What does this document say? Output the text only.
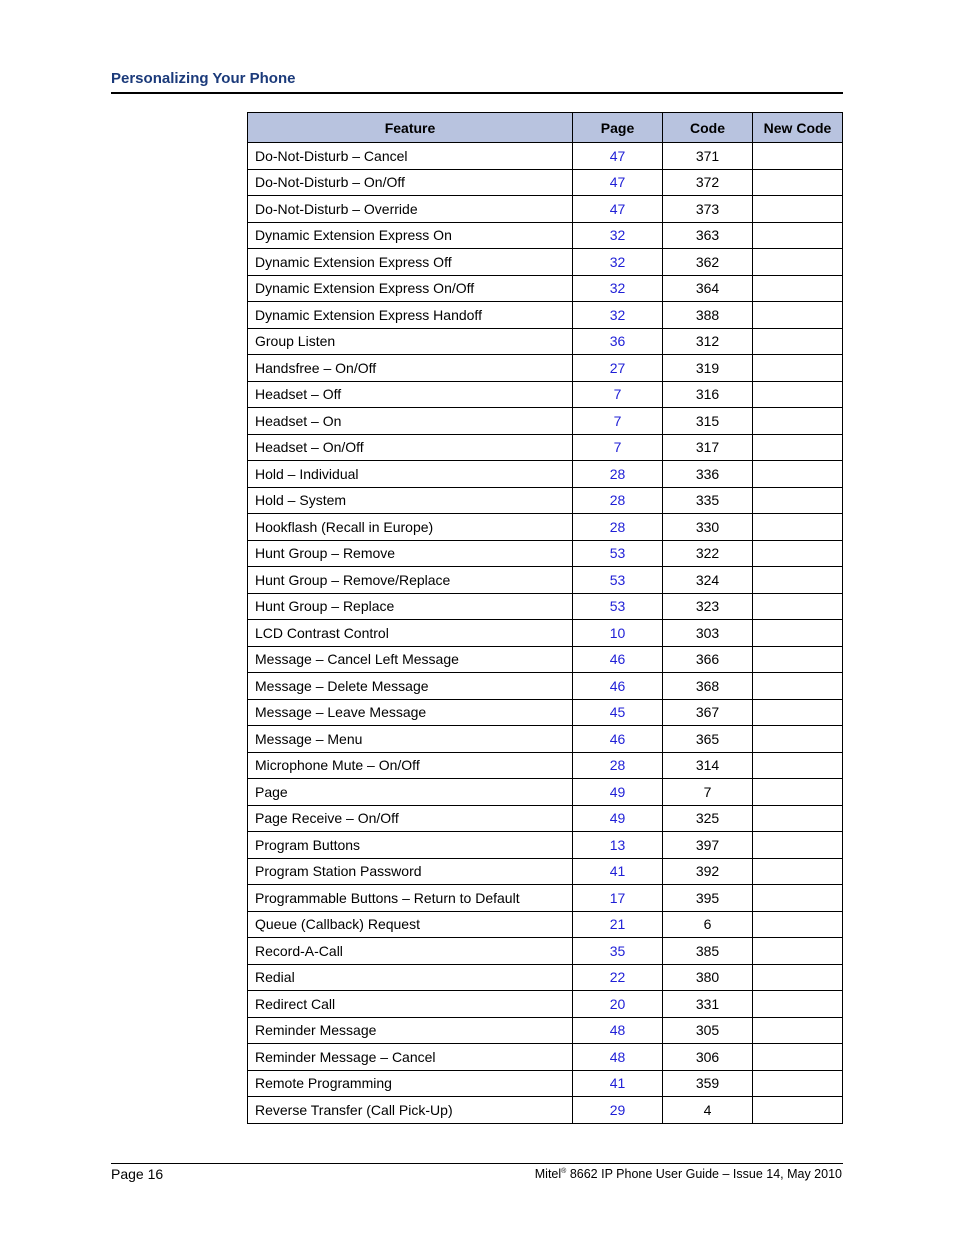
Personalizing Your Phone
Feature	Page	Code	New Code
Do-Not-Disturb – Cancel	47	371	
Do-Not-Disturb – On/Off	47	372	
Do-Not-Disturb – Override	47	373	
Dynamic Extension Express On	32	363	
Dynamic Extension Express Off	32	362	
Dynamic Extension Express On/Off	32	364	
Dynamic Extension Express Handoff	32	388	
Group Listen	36	312	
Handsfree – On/Off	27	319	
Headset – Off	7	316	
Headset – On	7	315	
Headset – On/Off	7	317	
Hold – Individual	28	336	
Hold – System	28	335	
Hookflash (Recall in Europe)	28	330	
Hunt Group – Remove	53	322	
Hunt Group – Remove/Replace	53	324	
Hunt Group – Replace	53	323	
LCD Contrast Control	10	303	
Message – Cancel Left Message	46	366	
Message – Delete Message	46	368	
Message – Leave Message	45	367	
Message – Menu	46	365	
Microphone Mute – On/Off	28	314	
Page	49	7	
Page Receive – On/Off	49	325	
Program Buttons	13	397	
Program Station Password	41	392	
Programmable Buttons – Return to Default	17	395	
Queue (Callback) Request	21	6	
Record-A-Call	35	385	
Redial	22	380	
Redirect Call	20	331	
Reminder Message	48	305	
Reminder Message – Cancel	48	306	
Remote Programming	41	359	
Reverse Transfer (Call Pick-Up)	29	4	
Page 16	Mitel® 8662 IP Phone User Guide – Issue 14, May 2010
